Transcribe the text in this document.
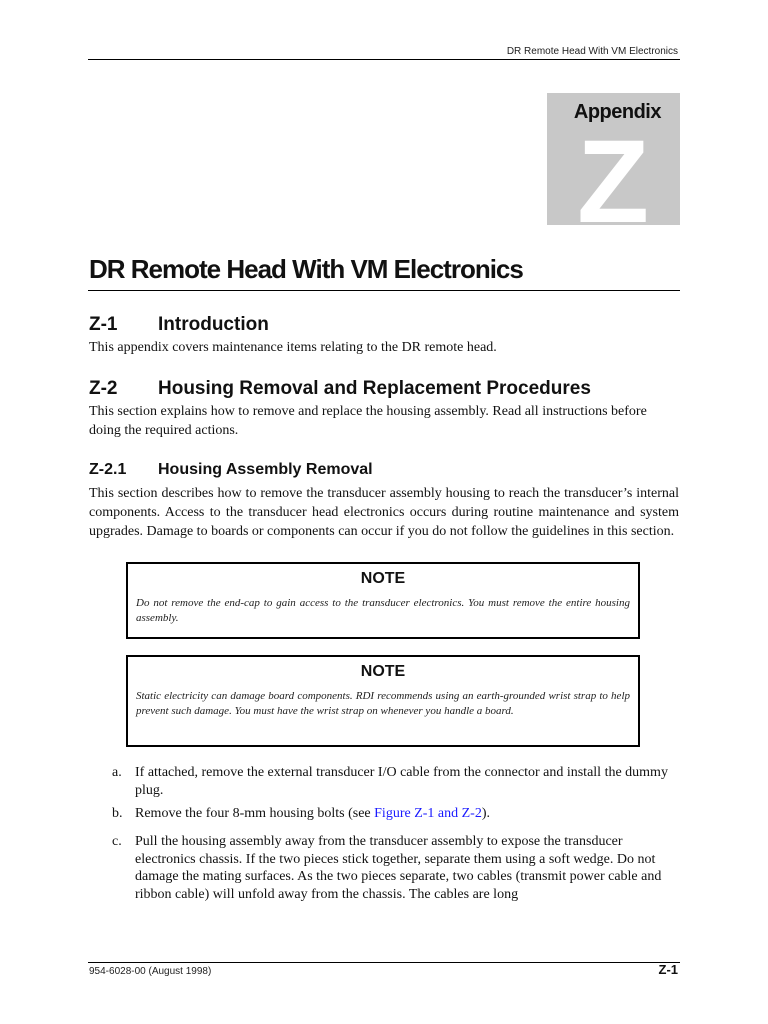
DR Remote Head With VM Electronics
Appendix
Z
DR Remote Head With VM Electronics
Z-1 Introduction
This appendix covers maintenance items relating to the DR remote head.
Z-2 Housing Removal and Replacement Procedures
This section explains how to remove and replace the housing assembly. Read all instructions before doing the required actions.
Z-2.1 Housing Assembly Removal
This section describes how to remove the transducer assembly housing to reach the transducer’s internal components. Access to the transducer head electronics occurs during routine maintenance and system upgrades. Damage to boards or components can occur if you do not follow the guidelines in this section.
NOTE
Do not remove the end-cap to gain access to the transducer electronics. You must remove the entire housing assembly.
NOTE
Static electricity can damage board components. RDI recommends using an earth-grounded wrist strap to help prevent such damage. You must have the wrist strap on whenever you handle a board.
a. If attached, remove the external transducer I/O cable from the connector and install the dummy plug.
b. Remove the four 8-mm housing bolts (see Figure Z-1 and Z-2).
c. Pull the housing assembly away from the transducer assembly to expose the transducer electronics chassis. If the two pieces stick together, separate them using a soft wedge. Do not damage the mating surfaces. As the two pieces separate, two cables (transmit power cable and ribbon cable) will unfold away from the chassis. The cables are long
954-6028-00 (August 1998)	Z-1
